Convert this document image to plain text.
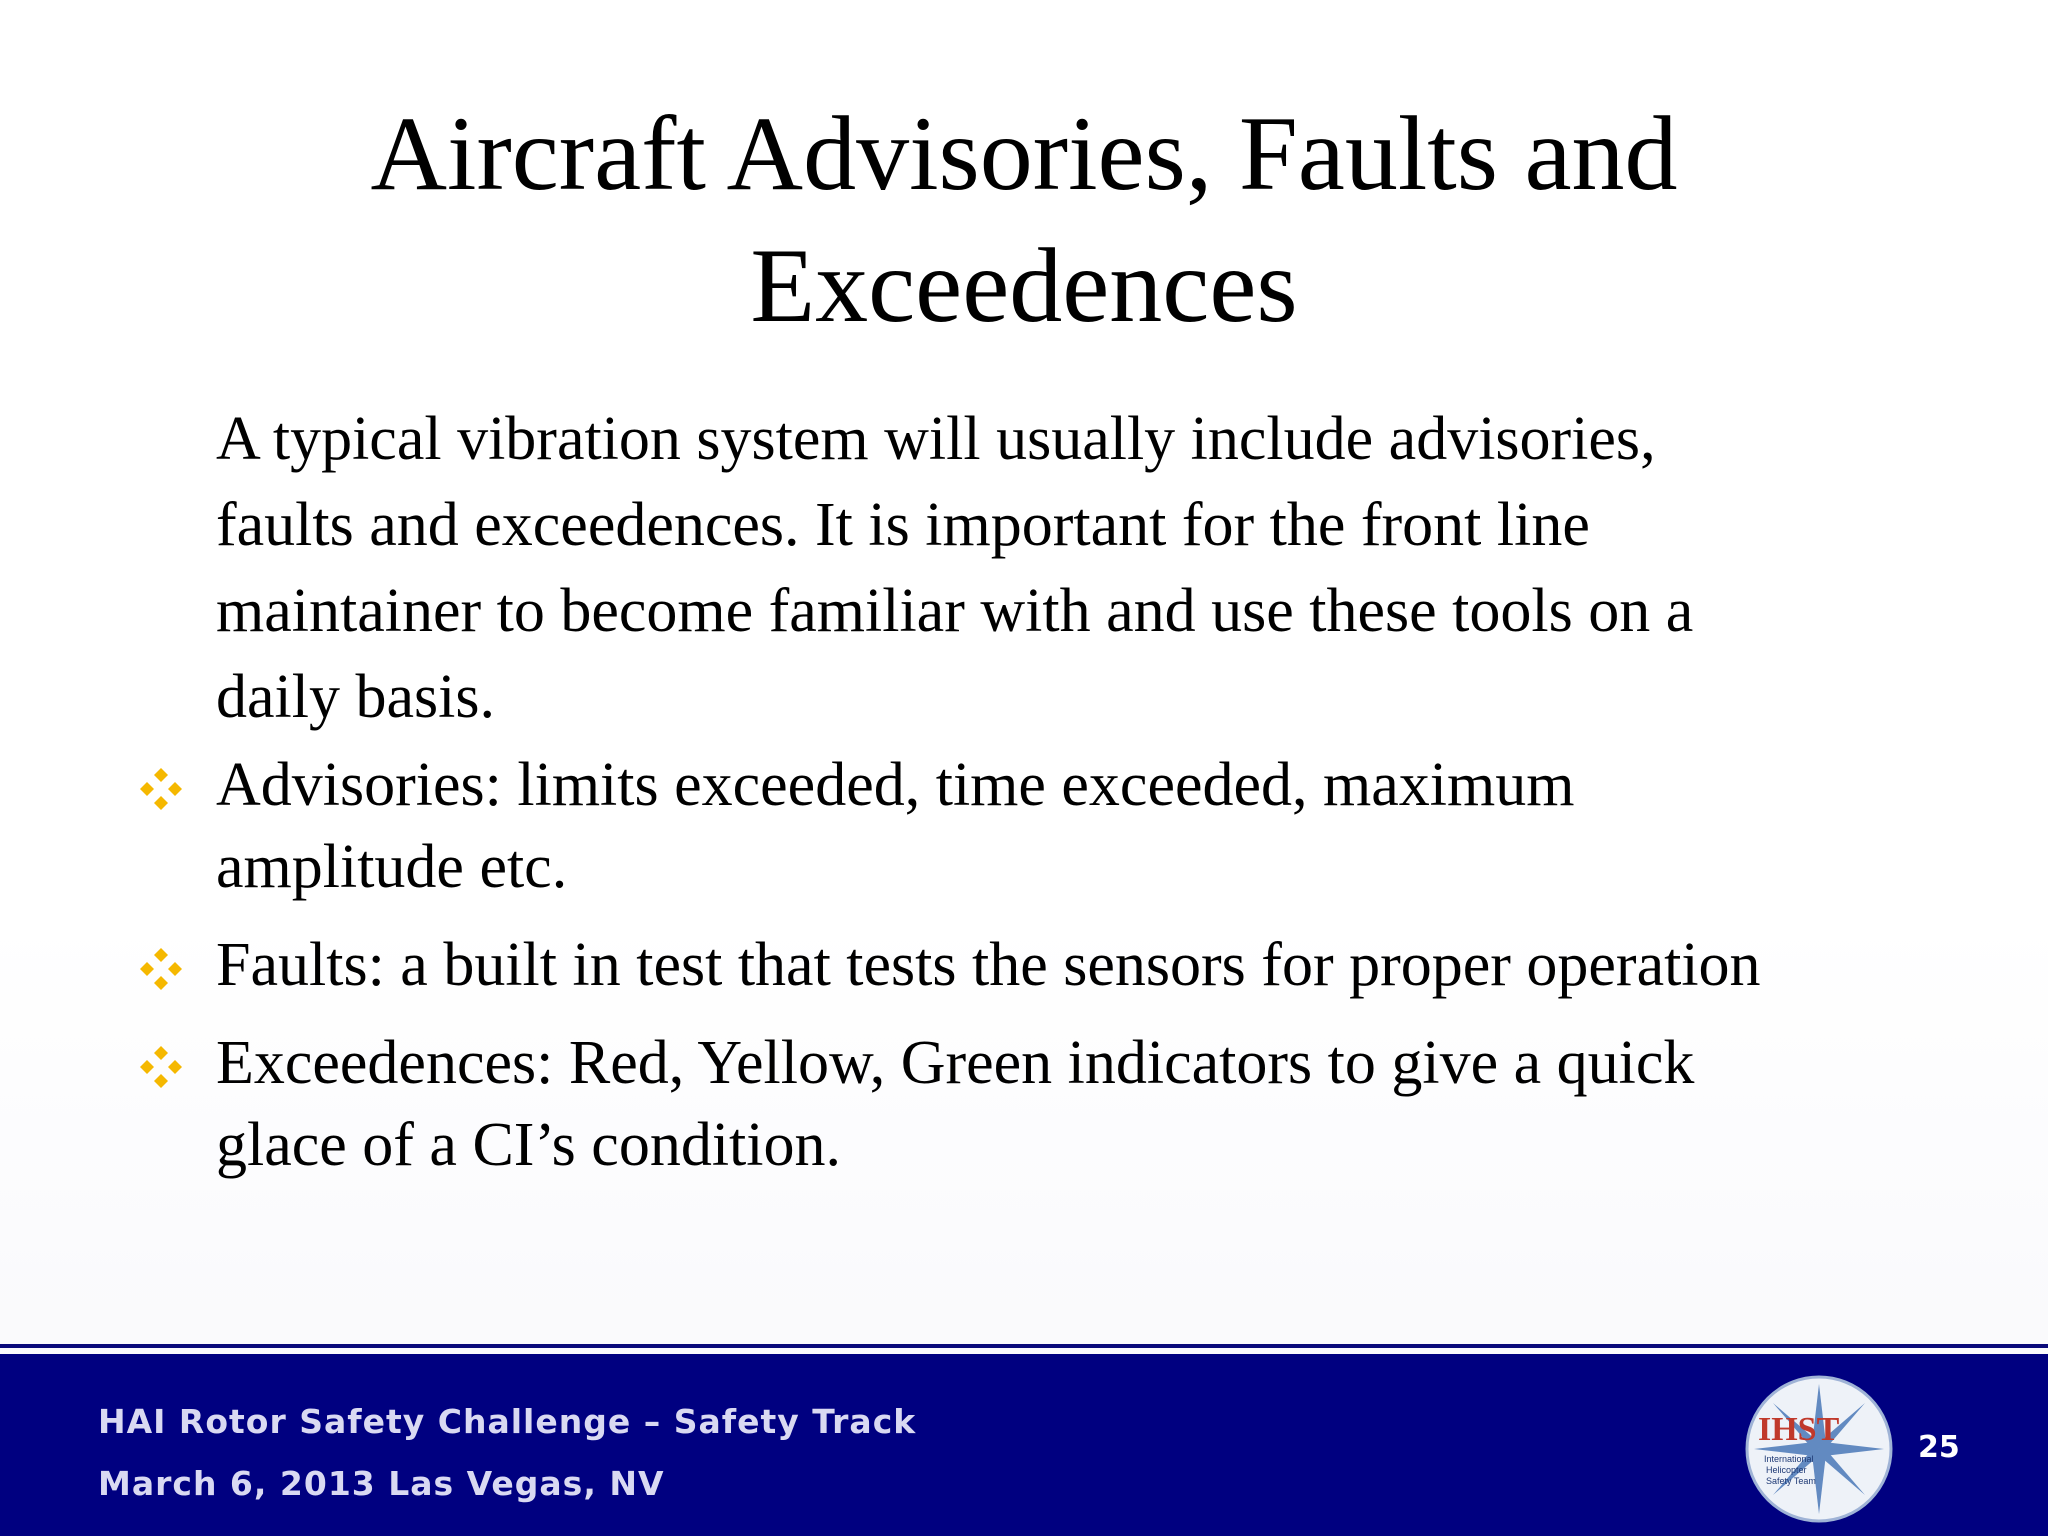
Aircraft Advisories, Faults and
Exceedences
A typical vibration system will usually include advisories,
faults and exceedences. It is important for the front line
maintainer to become familiar with and use these tools on a
daily basis.
Advisories: limits exceeded, time exceeded, maximum
amplitude etc.
Faults: a built in test that tests the sensors for proper operation
Exceedences: Red, Yellow, Green indicators to give a quick
glace of a CI’s condition.
HAI Rotor Safety Challenge – Safety Track
March 6, 2013 Las Vegas, NV
IHST
International
Helicopter
Safety Team
25
